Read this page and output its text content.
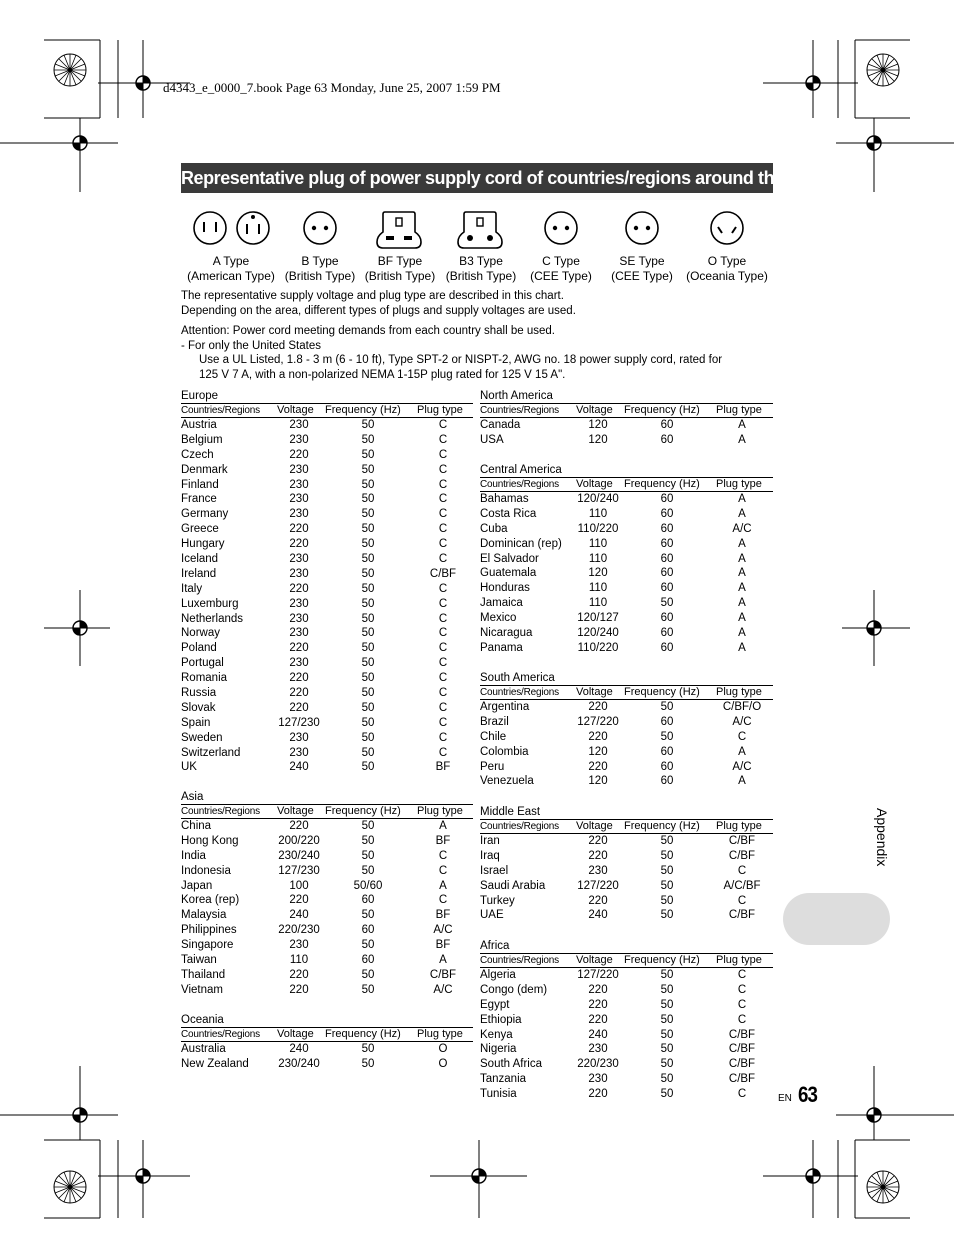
d4343_e_0000_7.book Page 63 Monday, June 25, 2007 1:59 PM
Representative plug of power supply cord of countries/regions around the world
A Type
(American Type)
B Type
(British Type)
BF Type
(British Type)
B3 Type
(British Type)
C Type
(CEE Type)
SE Type
(CEE Type)
O Type
(Oceania Type)
The representative supply voltage and plug type are described in this chart.
Depending on the area, different types of plugs and supply voltages are used.
Attention: Power cord meeting demands from each country shall be used.
- For only the United States
Use a UL Listed, 1.8 - 3 m (6 - 10 ft), Type SPT-2 or NISPT-2, AWG no. 18 power supply cord, rated for
125 V 7 A, with a non-polarized NEMA 1-15P plug rated for 125 V 15 A".
Europe
Countries/Regions Voltage Frequency (Hz) Plug type
Austria	230	50	C
Belgium	230	50	C
Czech	220	50	C
Denmark	230	50	C
Finland	230	50	C
France	230	50	C
Germany	230	50	C
Greece	220	50	C
Hungary	220	50	C
Iceland	230	50	C
Ireland	230	50	C/BF
Italy	220	50	C
Luxemburg	230	50	C
Netherlands	230	50	C
Norway	230	50	C
Poland	220	50	C
Portugal	230	50	C
Romania	220	50	C
Russia	220	50	C
Slovak	220	50	C
Spain	127/230	50	C
Sweden	230	50	C
Switzerland	230	50	C
UK	240	50	BF
Asia
Countries/Regions Voltage Frequency (Hz) Plug type
China	220	50	A
Hong Kong	200/220	50	BF
India	230/240	50	C
Indonesia	127/230	50	C
Japan	100	50/60	A
Korea (rep)	220	60	C
Malaysia	240	50	BF
Philippines	220/230	60	A/C
Singapore	230	50	BF
Taiwan	110	60	A
Thailand	220	50	C/BF
Vietnam	220	50	A/C
Oceania
Countries/Regions Voltage Frequency (Hz) Plug type
Australia	240	50	O
New Zealand	230/240	50	O
North America
Countries/Regions Voltage Frequency (Hz) Plug type
Canada	120	60	A
USA	120	60	A
Central America
Countries/Regions Voltage Frequency (Hz) Plug type
Bahamas	120/240	60	A
Costa Rica	110	60	A
Cuba	110/220	60	A/C
Dominican (rep)	110	60	A
El Salvador	110	60	A
Guatemala	120	60	A
Honduras	110	60	A
Jamaica	110	50	A
Mexico	120/127	60	A
Nicaragua	120/240	60	A
Panama	110/220	60	A
South America
Countries/Regions Voltage Frequency (Hz) Plug type
Argentina	220	50	C/BF/O
Brazil	127/220	60	A/C
Chile	220	50	C
Colombia	120	60	A
Peru	220	60	A/C
Venezuela	120	60	A
Middle East
Countries/Regions Voltage Frequency (Hz) Plug type
Iran	220	50	C/BF
Iraq	220	50	C/BF
Israel	230	50	C
Saudi Arabia	127/220	50	A/C/BF
Turkey	220	50	C
UAE	240	50	C/BF
Africa
Countries/Regions Voltage Frequency (Hz) Plug type
Algeria	127/220	50	C
Congo (dem)	220	50	C
Egypt	220	50	C
Ethiopia	220	50	C
Kenya	240	50	C/BF
Nigeria	230	50	C/BF
South Africa	220/230	50	C/BF
Tanzania	230	50	C/BF
Tunisia	220	50	C
Appendix
EN 63
